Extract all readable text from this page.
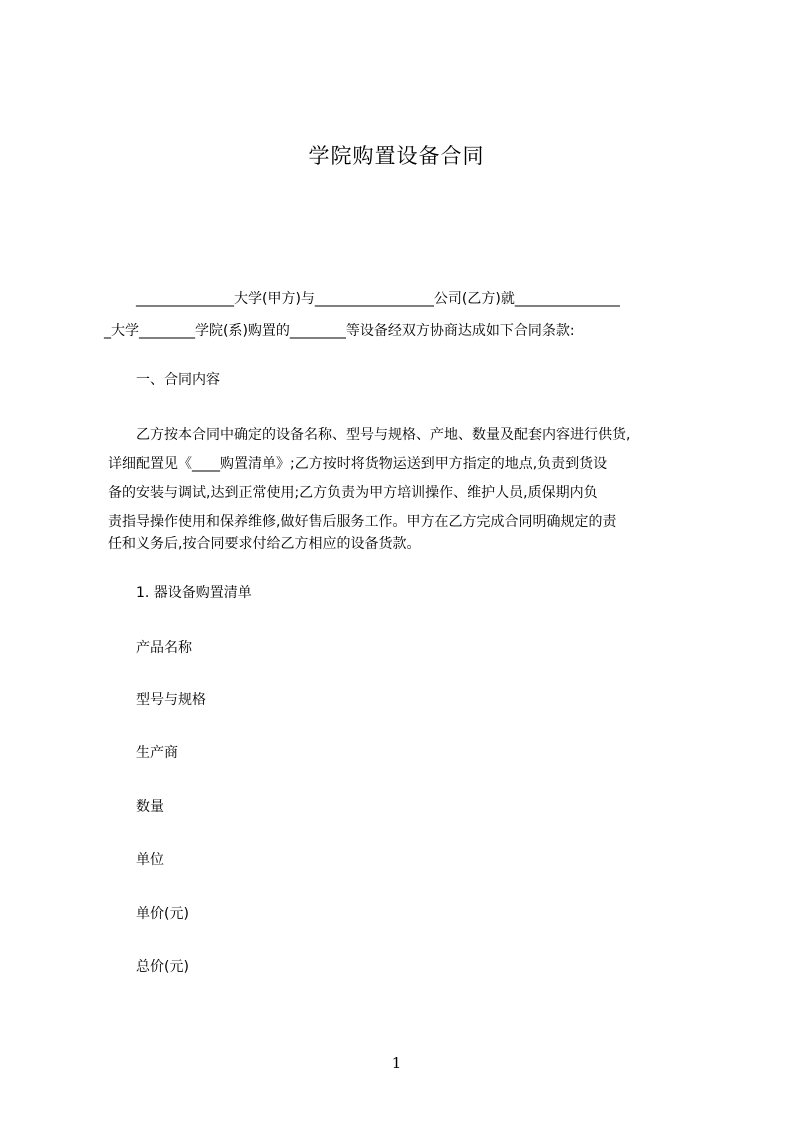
学院购置设备合同
______________大学(甲方)与_________________公司(乙方)就_______________
_大学________学院(系)购置的________等设备经双方协商达成如下合同条款:
一、合同内容
乙方按本合同中确定的设备名称、型号与规格、产地、数量及配套内容进行供货,
详细配置见《____购置清单》;乙方按时将货物运送到甲方指定的地点,负责到货设
备的安装与调试,达到正常使用;乙方负责为甲方培训操作、维护人员,质保期内负
责指导操作使用和保养维修,做好售后服务工作。甲方在乙方完成合同明确规定的责
任和义务后,按合同要求付给乙方相应的设备货款。
1. 器设备购置清单
产品名称
型号与规格
生产商
数量
单位
单价(元)
总价(元)
1
